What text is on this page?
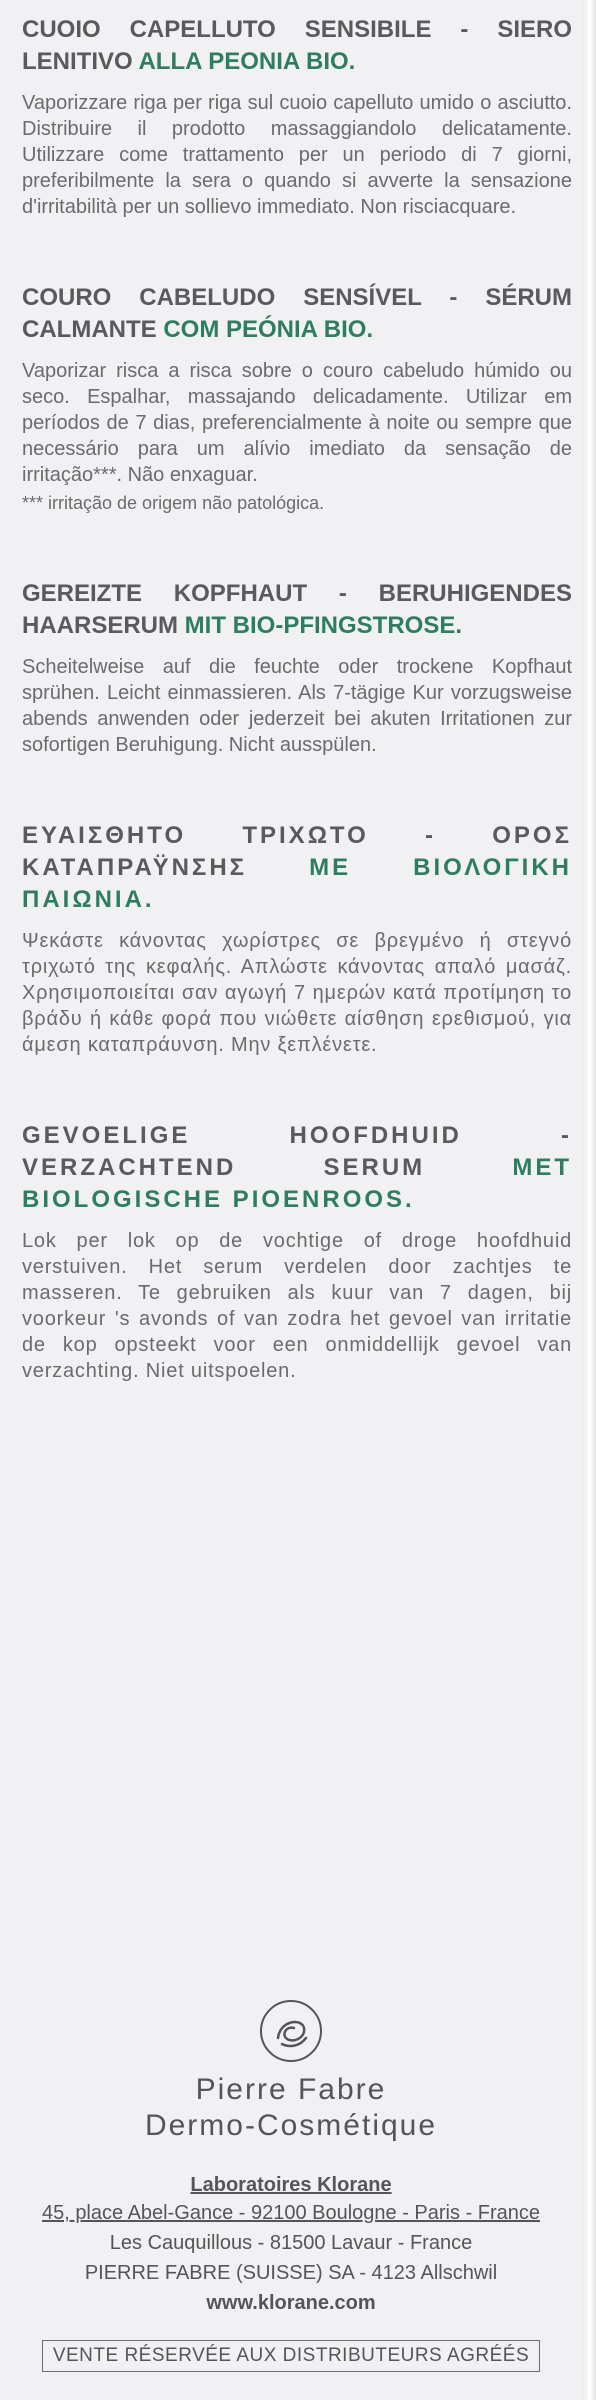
CUOIO CAPELLUTO SENSIBILE - SIERO LENITIVO ALLA PEONIA BIO.

Vaporizzare riga per riga sul cuoio capelluto umido o asciutto. Distribuire il prodotto massaggiandolo delicatamente. Utilizzare come trattamento per un periodo di 7 giorni, preferibilmente la sera o quando si avverte la sensazione d'irritabilità per un sollievo immediato. Non risciacquare.

COURO CABELUDO SENSÍVEL - SÉRUM CALMANTE COM PEÓNIA BIO.

Vaporizar risca a risca sobre o couro cabeludo húmido ou seco. Espalhar, massajando delicadamente. Utilizar em períodos de 7 dias, preferencialmente à noite ou sempre que necessário para um alívio imediato da sensação de irritação***. Não enxaguar.

*** irritação de origem não patológica.

GEREIZTE KOPFHAUT - BERUHIGENDES HAARSERUM MIT BIO-PFINGSTROSE.

Scheitelweise auf die feuchte oder trockene Kopfhaut sprühen. Leicht einmassieren. Als 7-tägige Kur vorzugsweise abends anwenden oder jederzeit bei akuten Irritationen zur sofortigen Beruhigung. Nicht ausspülen.

ΕΥΑΙΣΘΗΤΟ ΤΡΙΧΩΤΟ - ΟΡΟΣ ΚΑΤΑΠΡΑΫΝΣΗΣ ΜΕ ΒΙΟΛΟΓΙΚΗ ΠΑΙΩΝΙΑ.

Ψεκάστε κάνοντας χωρίστρες σε βρεγμένο ή στεγνό τριχωτό της κεφαλής. Απλώστε κάνοντας απαλό μασάζ. Χρησιμοποιείται σαν αγωγή 7 ημερών κατά προτίμηση το βράδυ ή κάθε φορά που νιώθετε αίσθηση ερεθισμού, για άμεση καταπράυνση. Μην ξεπλένετε.

GEVOELIGE HOOFDHUID - VERZACHTEND SERUM MET BIOLOGISCHE PIOENROOS.

Lok per lok op de vochtige of droge hoofdhuid verstuiven. Het serum verdelen door zachtjes te masseren. Te gebruiken als kuur van 7 dagen, bij voorkeur 's avonds of van zodra het gevoel van irritatie de kop opsteekt voor een onmiddellijk gevoel van verzachting. Niet uitspoelen.

Pierre Fabre

Dermo-Cosmétique

Laboratoires Klorane

45, place Abel-Gance - 92100 Boulogne - Paris - France

Les Cauquillous - 81500 Lavaur - France

PIERRE FABRE (SUISSE) SA - 4123 Allschwil

www.klorane.com

VENTE RÉSERVÉE AUX DISTRIBUTEURS AGRÉÉS
